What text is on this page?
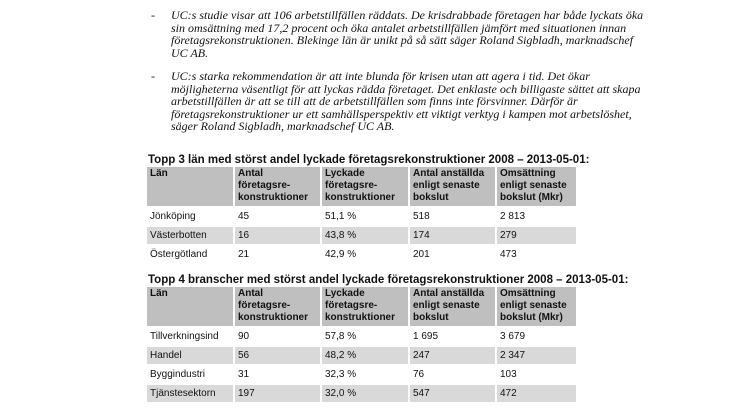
- UC:s studie visar att 106 arbetstillfällen räddats. De krisdrabbade företagen har både lyckats öka sin omsättning med 17,2 procent och öka antalet arbetstillfällen jämfört med situationen innan företagsrekonstruktionen. Blekinge län är unikt på så sätt säger Roland Sigbladh, marknadschef UC AB.
- UC:s starka rekommendation är att inte blunda för krisen utan att agera i tid. Det ökar möjligheterna väsentligt för att lyckas rädda företaget. Det enklaste och billigaste sättet att skapa arbetstillfällen är att se till att de arbetstillfällen som finns inte försvinner. Därför är företagsrekonstruktioner ur ett samhällsperspektiv ett viktigt verktyg i kampen mot arbetslöshet, säger Roland Sigbladh, marknadschef UC AB.
Topp 3 län med störst andel lyckade företagsrekonstruktioner 2008 – 2013-05-01:
Län	Antal företagsre-konstruktioner	Lyckade företagsre-konstruktioner	Antal anställda enligt senaste bokslut	Omsättning enligt senaste bokslut (Mkr)
Jönköping	45	51,1 %	518	2 813
Västerbotten	16	43,8 %	174	279
Östergötland	21	42,9 %	201	473
Topp 4 branscher med störst andel lyckade företagsrekonstruktioner 2008 – 2013-05-01:
Län	Antal företagsre-konstruktioner	Lyckade företagsre-konstruktioner	Antal anställda enligt senaste bokslut	Omsättning enligt senaste bokslut (Mkr)
Tillverkningsind	90	57,8 %	1 695	3 679
Handel	56	48,2 %	247	2 347
Byggindustri	31	32,3 %	76	103
Tjänstesektorn	197	32,0 %	547	472
